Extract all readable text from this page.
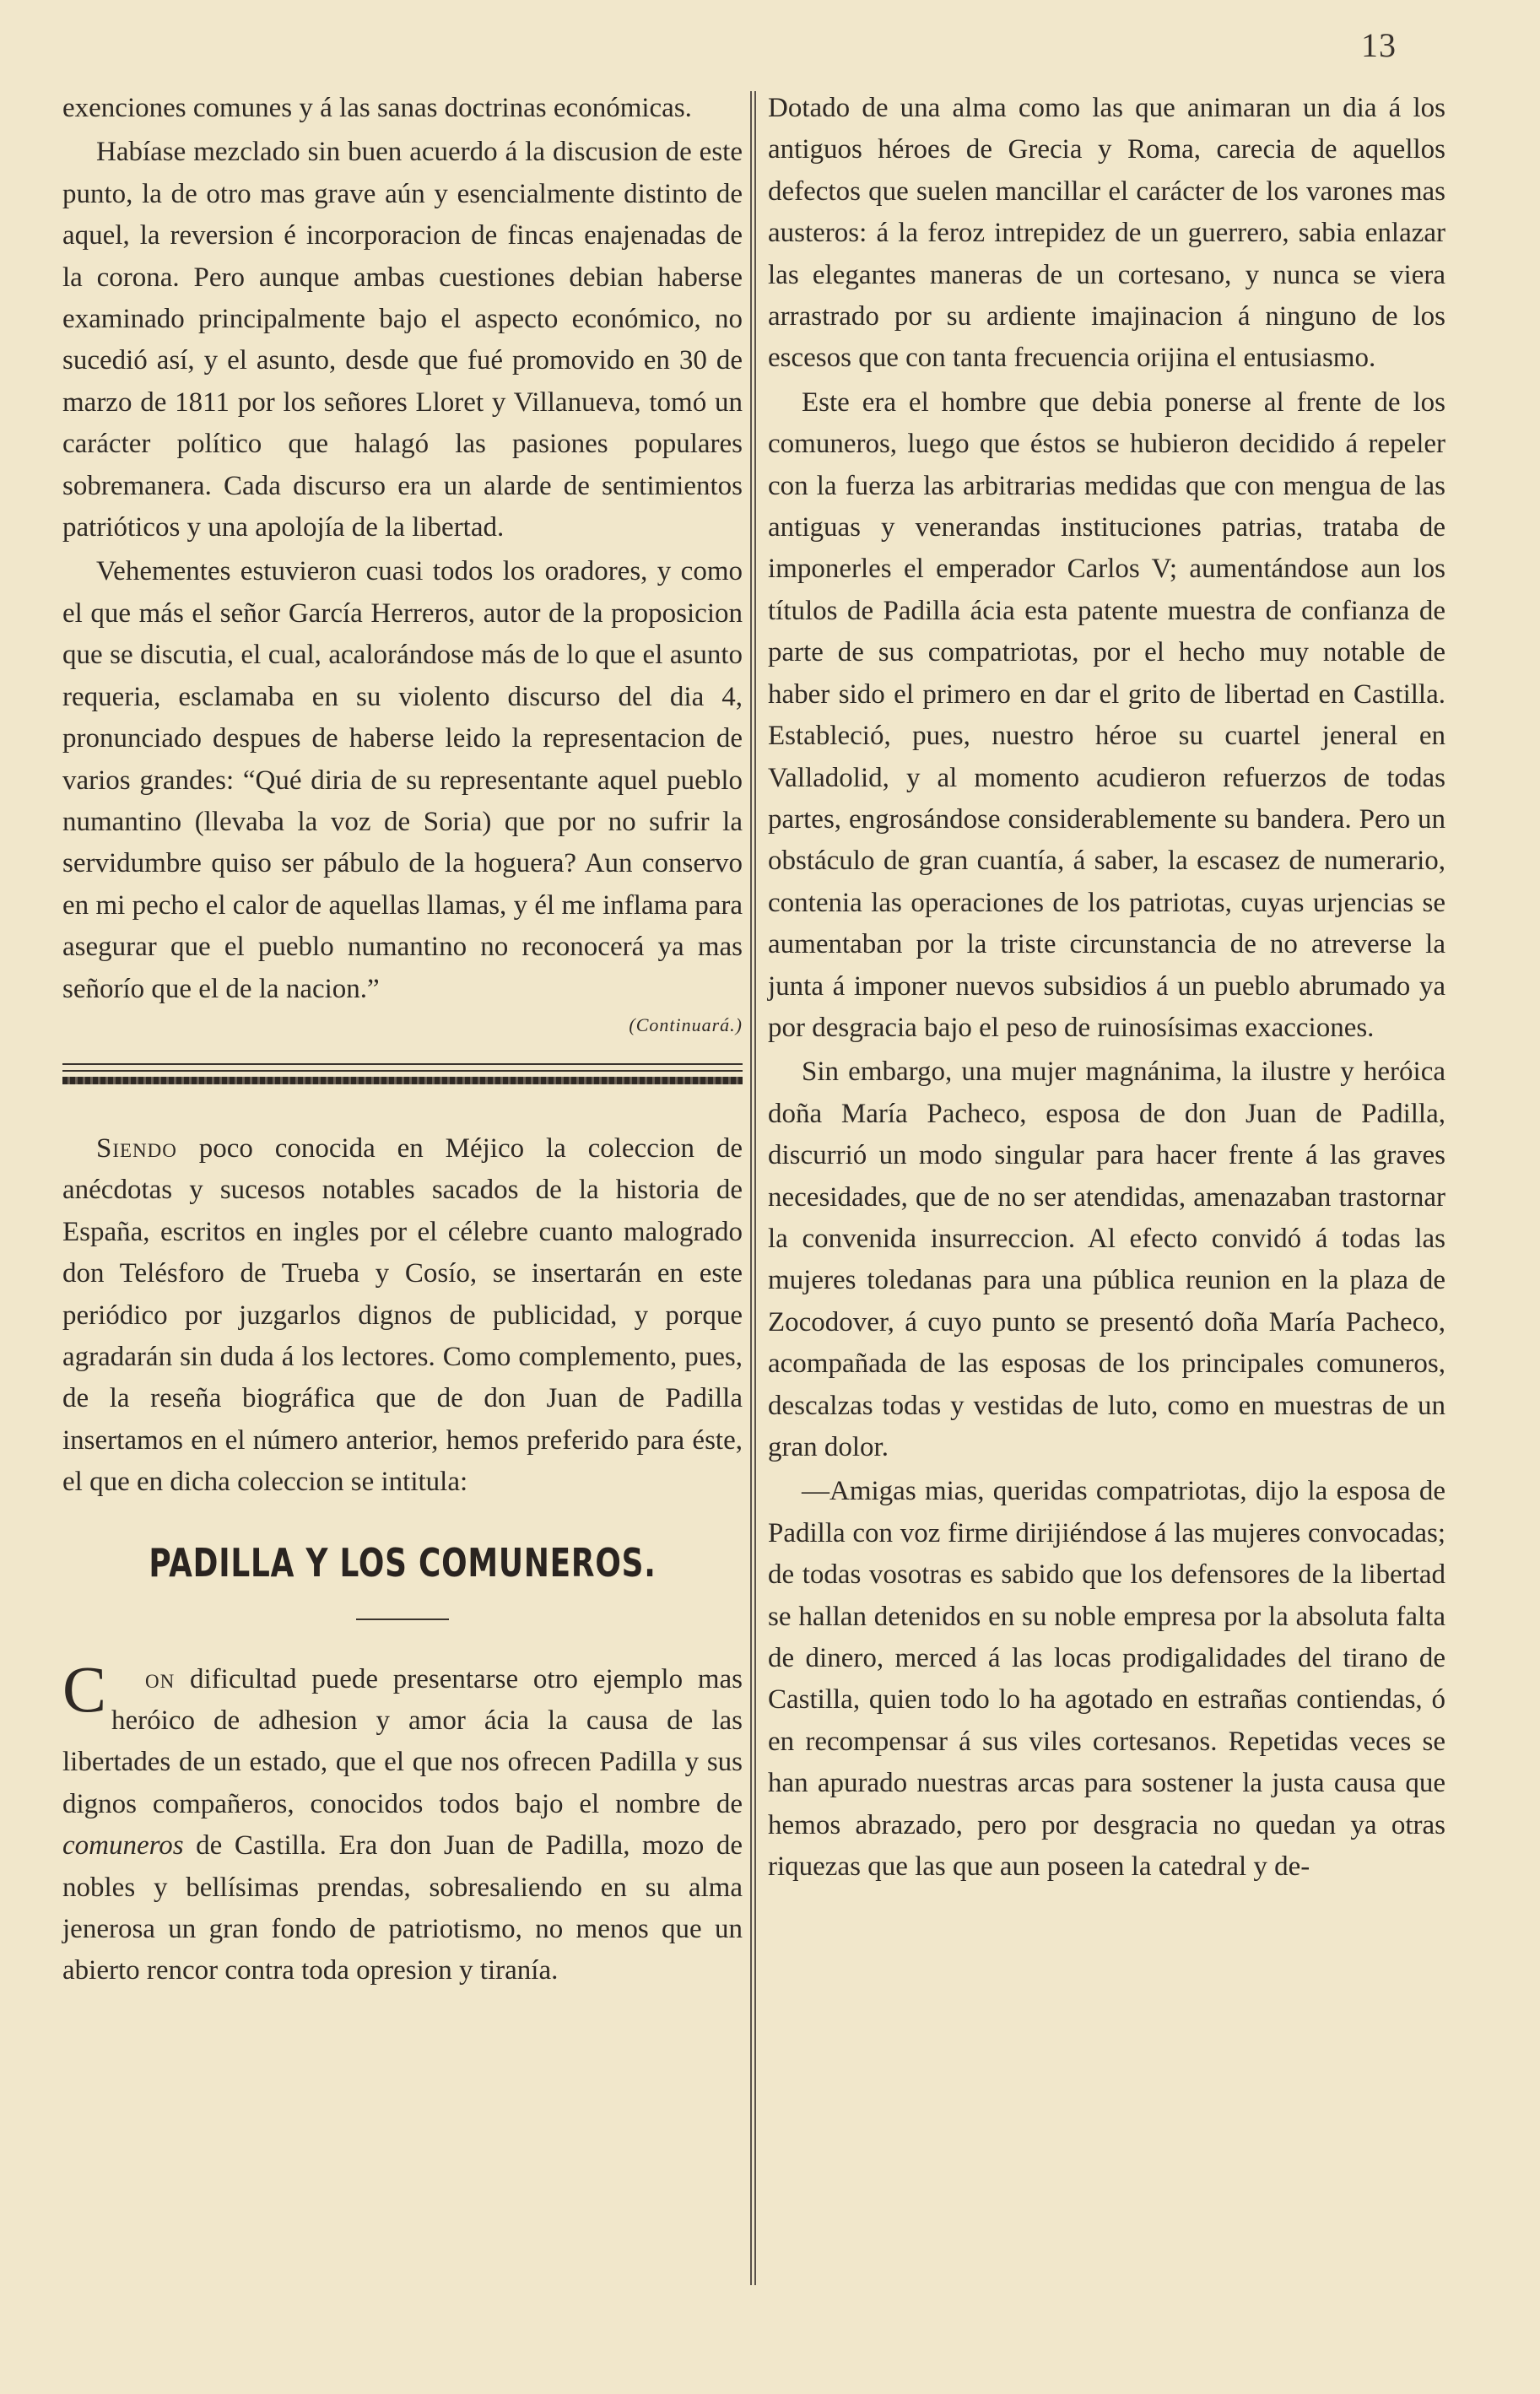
13

exenciones comunes y á las sanas doctrinas económicas.

Habíase mezclado sin buen acuerdo á la discusion de este punto, la de otro mas grave aún y esencialmente distinto de aquel, la reversion é incorporacion de fincas enajenadas de la corona. Pero aunque ambas cuestiones debian haberse examinado principalmente bajo el aspecto económico, no sucedió así, y el asunto, desde que fué promovido en 30 de marzo de 1811 por los señores Lloret y Villanueva, tomó un carácter político que halagó las pasiones populares sobremanera. Cada discurso era un alarde de sentimientos patrióticos y una apolojía de la libertad.

Vehementes estuvieron cuasi todos los oradores, y como el que más el señor García Herreros, autor de la proposicion que se discutia, el cual, acalorándose más de lo que el asunto requeria, esclamaba en su violento discurso del dia 4, pronunciado despues de haberse leido la representacion de varios grandes: “Qué diria de su representante aquel pueblo numantino (llevaba la voz de Soria) que por no sufrir la servidumbre quiso ser pábulo de la hoguera? Aun conservo en mi pecho el calor de aquellas llamas, y él me inflama para asegurar que el pueblo numantino no reconocerá ya mas señorío que el de la nacion.”

(Continuará.)

Siendo poco conocida en Méjico la coleccion de anécdotas y sucesos notables sacados de la historia de España, escritos en ingles por el célebre cuanto malogrado don Telésforo de Trueba y Cosío, se insertarán en este periódico por juzgarlos dignos de publicidad, y porque agradarán sin duda á los lectores. Como complemento, pues, de la reseña biográfica que de don Juan de Padilla insertamos en el número anterior, hemos preferido para éste, el que en dicha coleccion se intitula:

PADILLA Y LOS COMUNEROS.

C on dificultad puede presentarse otro ejemplo mas heróico de adhesion y amor ácia la causa de las libertades de un estado, que el que nos ofrecen Padilla y sus dignos compañeros, conocidos todos bajo el nombre de comuneros de Castilla. Era don Juan de Padilla, mozo de nobles y bellísimas prendas, sobresaliendo en su alma jenerosa un gran fondo de patriotismo, no menos que un abierto rencor contra toda opresion y tiranía.

Dotado de una alma como las que animaran un dia á los antiguos héroes de Grecia y Roma, carecia de aquellos defectos que suelen mancillar el carácter de los varones mas austeros: á la feroz intrepidez de un guerrero, sabia enlazar las elegantes maneras de un cortesano, y nunca se viera arrastrado por su ardiente imajinacion á ninguno de los escesos que con tanta frecuencia orijina el entusiasmo.

Este era el hombre que debia ponerse al frente de los comuneros, luego que éstos se hubieron decidido á repeler con la fuerza las arbitrarias medidas que con mengua de las antiguas y venerandas instituciones patrias, trataba de imponerles el emperador Carlos V; aumentándose aun los títulos de Padilla ácia esta patente muestra de confianza de parte de sus compatriotas, por el hecho muy notable de haber sido el primero en dar el grito de libertad en Castilla. Estableció, pues, nuestro héroe su cuartel jeneral en Valladolid, y al momento acudieron refuerzos de todas partes, engrosándose considerablemente su bandera. Pero un obstáculo de gran cuantía, á saber, la escasez de numerario, contenia las operaciones de los patriotas, cuyas urjencias se aumentaban por la triste circunstancia de no atreverse la junta á imponer nuevos subsidios á un pueblo abrumado ya por desgracia bajo el peso de ruinosísimas exacciones.

Sin embargo, una mujer magnánima, la ilustre y heróica doña María Pacheco, esposa de don Juan de Padilla, discurrió un modo singular para hacer frente á las graves necesidades, que de no ser atendidas, amenazaban trastornar la convenida insurreccion. Al efecto convidó á todas las mujeres toledanas para una pública reunion en la plaza de Zocodover, á cuyo punto se presentó doña María Pacheco, acompañada de las esposas de los principales comuneros, descalzas todas y vestidas de luto, como en muestras de un gran dolor.

—Amigas mias, queridas compatriotas, dijo la esposa de Padilla con voz firme dirijiéndose á las mujeres convocadas; de todas vosotras es sabido que los defensores de la libertad se hallan detenidos en su noble empresa por la absoluta falta de dinero, merced á las locas prodigalidades del tirano de Castilla, quien todo lo ha agotado en estrañas contiendas, ó en recompensar á sus viles cortesanos. Repetidas veces se han apurado nuestras arcas para sostener la justa causa que hemos abrazado, pero por desgracia no quedan ya otras riquezas que las que aun poseen la catedral y de-
